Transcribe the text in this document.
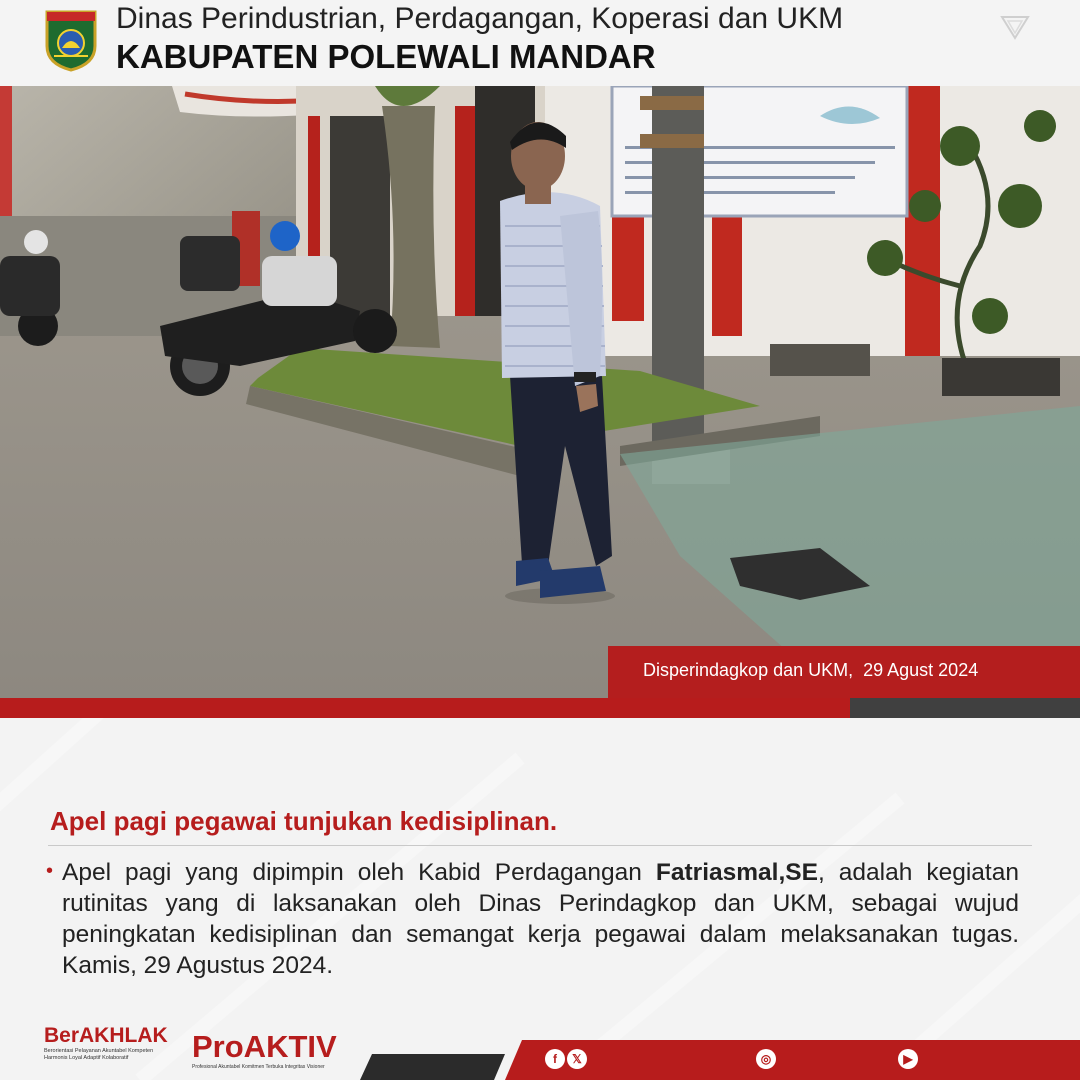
Dinas Perindustrian, Perdagangan, Koperasi dan UKM
KABUPATEN POLEWALI MANDAR
Disperindagkop dan UKM,  29 Agust 2024
Apel pagi pegawai tunjukan kedisiplinan.
• Apel pagi yang dipimpin oleh Kabid Perdagangan Fatriasmal,SE, adalah kegiatan rutinitas yang di laksanakan oleh Dinas Perindagkop dan UKM, sebagai wujud peningkatan kedisiplinan dan semangat kerja pegawai dalam melaksanakan tugas. Kamis, 29 Agustus 2024.
BerAKHLAK
Berorientasi Pelayanan Akuntabel Kompeten
Harmonis Loyal Adaptif Kolaboratif	ProAKTIV
Profesional Akuntabel Komitmen Terbuka Integritas Visioner
f	𝕏	◎	▶
